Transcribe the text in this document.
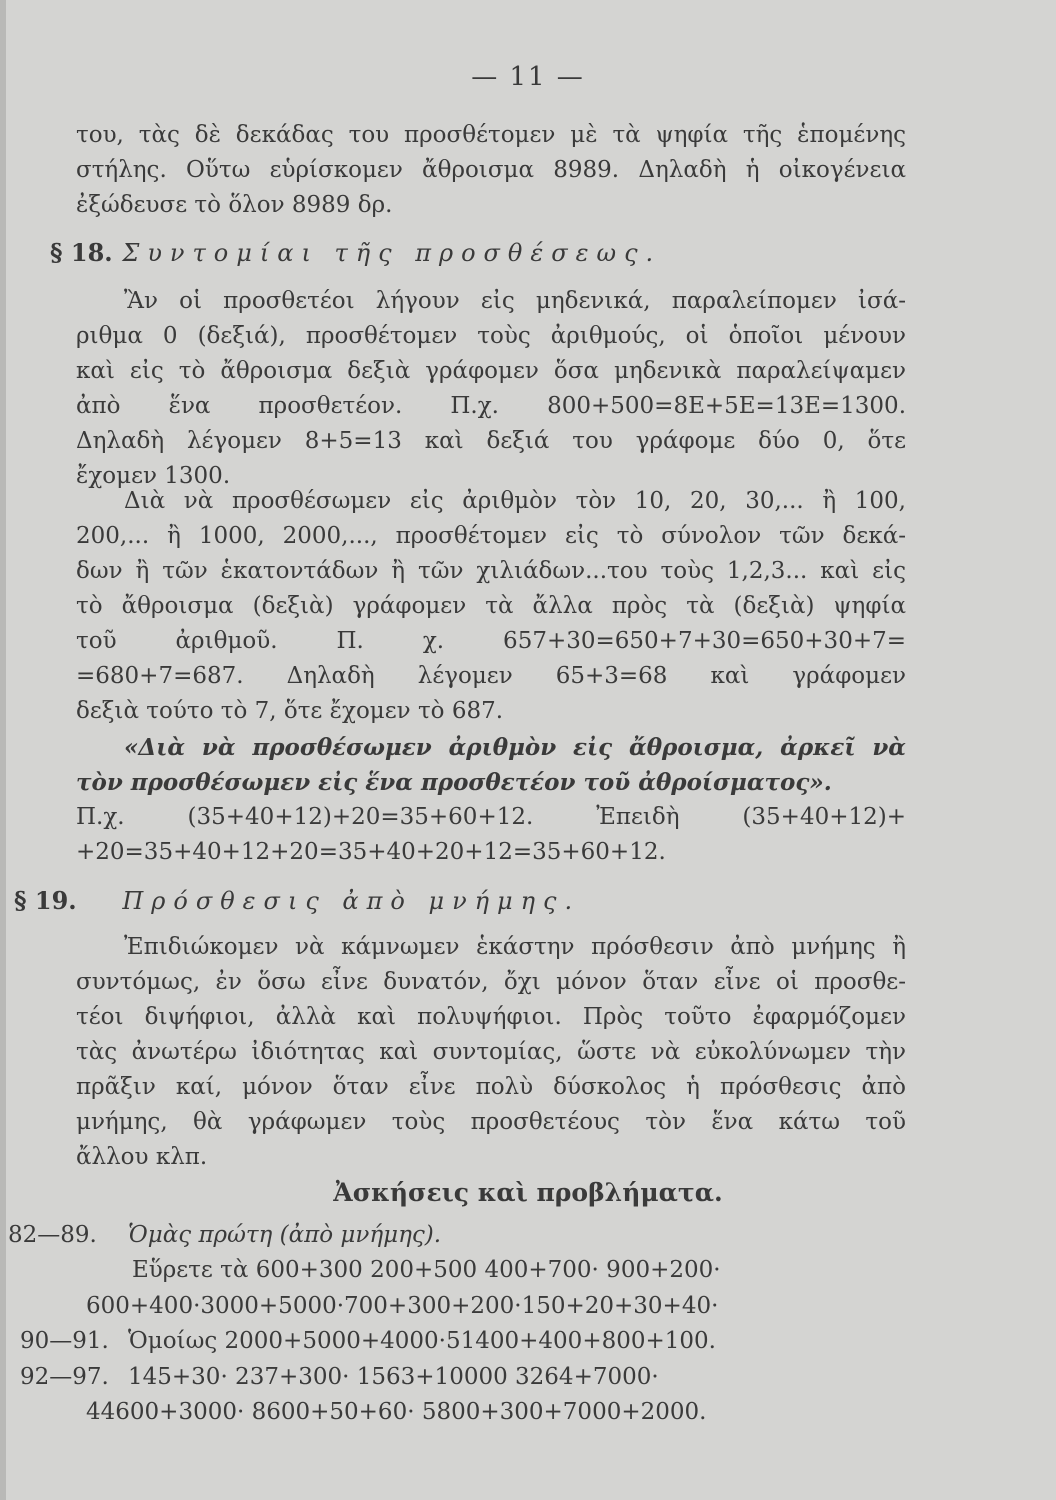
— 11 —
του, τὰς δὲ δεκάδας του προσθέτομεν μὲ τὰ ψηφία τῆς ἑπομένης
στήλης. Οὕτω εὑρίσκομεν ἄθροισμα 8989. Δηλαδὴ ἡ οἰκογένεια
ἐξώδευσε τὸ ὅλον 8989 δρ.
§ 18. Συντομίαι τῆς προσθέσεως.
Ἂν οἱ προσθετέοι λήγουν εἰς μηδενικά, παραλείπομεν ἰσά-
ριθμα 0 (δεξιά), προσθέτομεν τοὺς ἀριθμούς, οἱ ὁποῖοι μένουν
καὶ εἰς τὸ ἄθροισμα δεξιὰ γράφομεν ὅσα μηδενικὰ παραλείψαμεν
ἀπὸ ἕνα προσθετέον. Π.χ. 800+500=8Ε+5Ε=13Ε=1300.
Δηλαδὴ λέγομεν 8+5=13 καὶ δεξιά του γράφομε δύο 0, ὅτε
ἔχομεν 1300.
Διὰ νὰ προσθέσωμεν εἰς ἀριθμὸν τὸν 10, 20, 30,... ἢ 100,
200,... ἢ 1000, 2000,..., προσθέτομεν εἰς τὸ σύνολον τῶν δεκά-
δων ἢ τῶν ἑκατοντάδων ἢ τῶν χιλιάδων...του τοὺς 1,2,3... καὶ εἰς
τὸ ἄθροισμα (δεξιὰ) γράφομεν τὰ ἄλλα πρὸς τὰ (δεξιὰ) ψηφία
τοῦ ἀριθμοῦ. Π. χ. 657+30=650+7+30=650+30+7=
=680+7=687. Δηλαδὴ λέγομεν 65+3=68 καὶ γράφομεν
δεξιὰ τούτο τὸ 7, ὅτε ἔχομεν τὸ 687.
«Διὰ νὰ προσθέσωμεν ἀριθμὸν εἰς ἄθροισμα, ἀρκεῖ νὰ
τὸν προσθέσωμεν εἰς ἕνα προσθετέον τοῦ ἀθροίσματος».
Π.χ. (35+40+12)+20=35+60+12. Ἐπειδὴ (35+40+12)+
+20=35+40+12+20=35+40+20+12=35+60+12.
§ 19. Πρόσθεσις ἀπὸ μνήμης.
Ἐπιδιώκομεν νὰ κάμνωμεν ἑκάστην πρόσθεσιν ἀπὸ μνήμης ἢ
συντόμως, ἐν ὅσω εἶνε δυνατόν, ὄχι μόνον ὅταν εἶνε οἱ προσθε-
τέοι διψήφιοι, ἀλλὰ καὶ πολυψήφιοι. Πρὸς τοῦτο ἐφαρμόζομεν
τὰς ἀνωτέρω ἰδιότητας καὶ συντομίας, ὥστε νὰ εὐκολύνωμεν τὴν
πρᾶξιν καί, μόνον ὅταν εἶνε πολὺ δύσκολος ἡ πρόσθεσις ἀπὸ
μνήμης, θὰ γράφωμεν τοὺς προσθετέους τὸν ἕνα κάτω τοῦ
ἄλλου κλπ.
Ἀσκήσεις καὶ προβλήματα.
82—89. Ὁμὰς πρώτη (ἀπὸ μνήμης).
Εὕρετε τὰ 600+300 200+500 400+700· 900+200·
600+400·3000+5000·700+300+200·150+20+30+40·
90—91. Ὁμοίως 2000+5000+4000·51400+400+800+100.
92—97. 145+30· 237+300· 1563+10000 3264+7000·
44600+3000· 8600+50+60· 5800+300+7000+2000.
